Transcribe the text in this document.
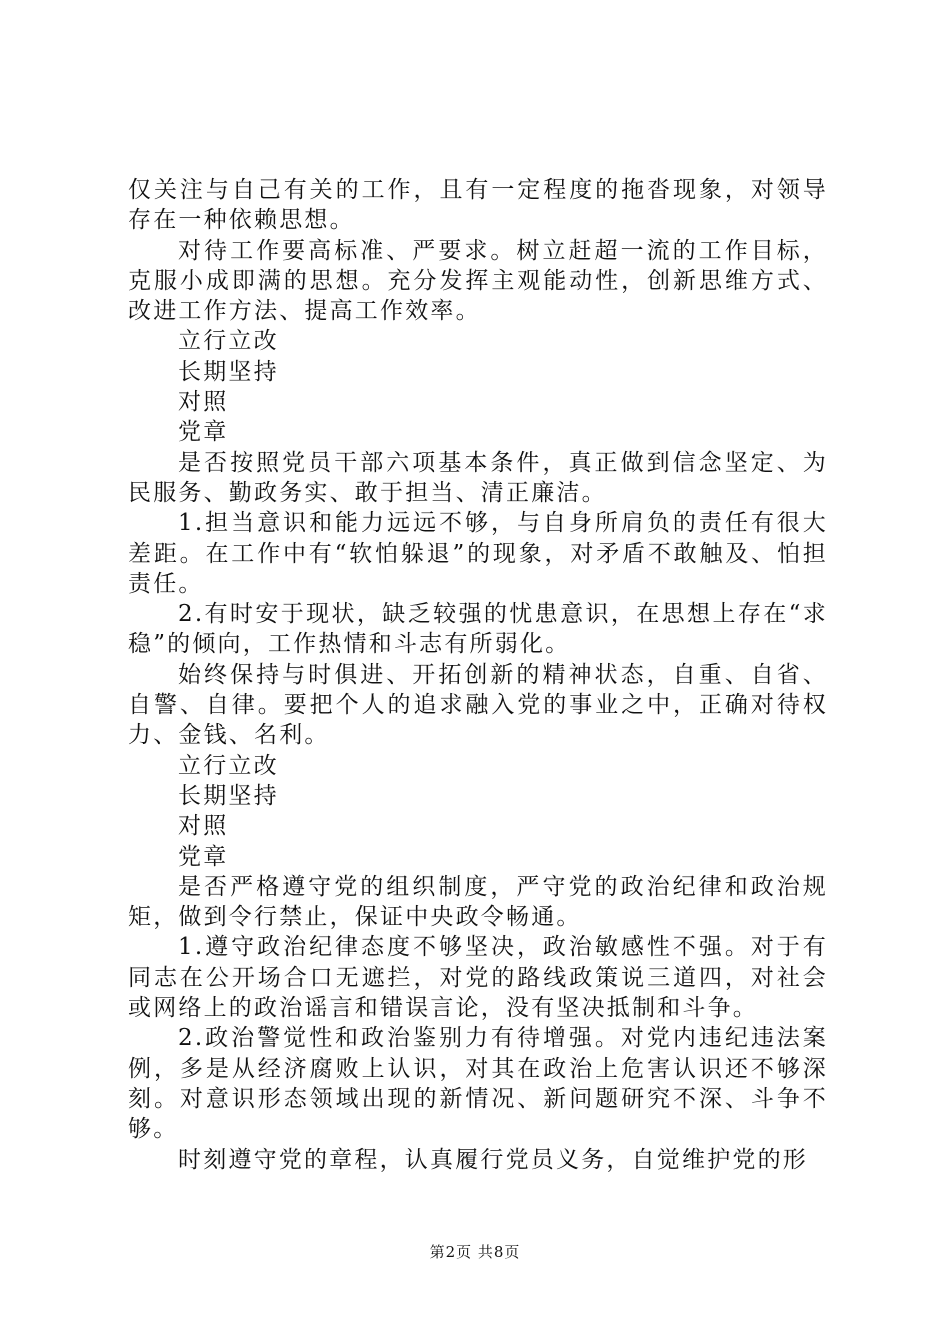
仅关注与自己有关的工作，且有一定程度的拖沓现象，对领导存在一种依赖思想。

对待工作要高标准、严要求。树立赶超一流的工作目标，克服小成即满的思想。充分发挥主观能动性，创新思维方式、改进工作方法、提高工作效率。

立行立改

长期坚持

对照

党章

是否按照党员干部六项基本条件，真正做到信念坚定、为民服务、勤政务实、敢于担当、清正廉洁。

1.担当意识和能力远远不够，与自身所肩负的责任有很大差距。在工作中有“软怕躲退”的现象，对矛盾不敢触及、怕担责任。

2.有时安于现状，缺乏较强的忧患意识，在思想上存在“求稳”的倾向，工作热情和斗志有所弱化。

始终保持与时俱进、开拓创新的精神状态，自重、自省、自警、自律。要把个人的追求融入党的事业之中，正确对待权力、金钱、名利。

立行立改

长期坚持

对照

党章

是否严格遵守党的组织制度，严守党的政治纪律和政治规矩，做到令行禁止，保证中央政令畅通。

1.遵守政治纪律态度不够坚决，政治敏感性不强。对于有同志在公开场合口无遮拦，对党的路线政策说三道四，对社会或网络上的政治谣言和错误言论，没有坚决抵制和斗争。

2.政治警觉性和政治鉴别力有待增强。对党内违纪违法案例，多是从经济腐败上认识，对其在政治上危害认识还不够深刻。对意识形态领域出现的新情况、新问题研究不深、斗争不够。

时刻遵守党的章程，认真履行党员义务，自觉维护党的形

第2页 共8页
